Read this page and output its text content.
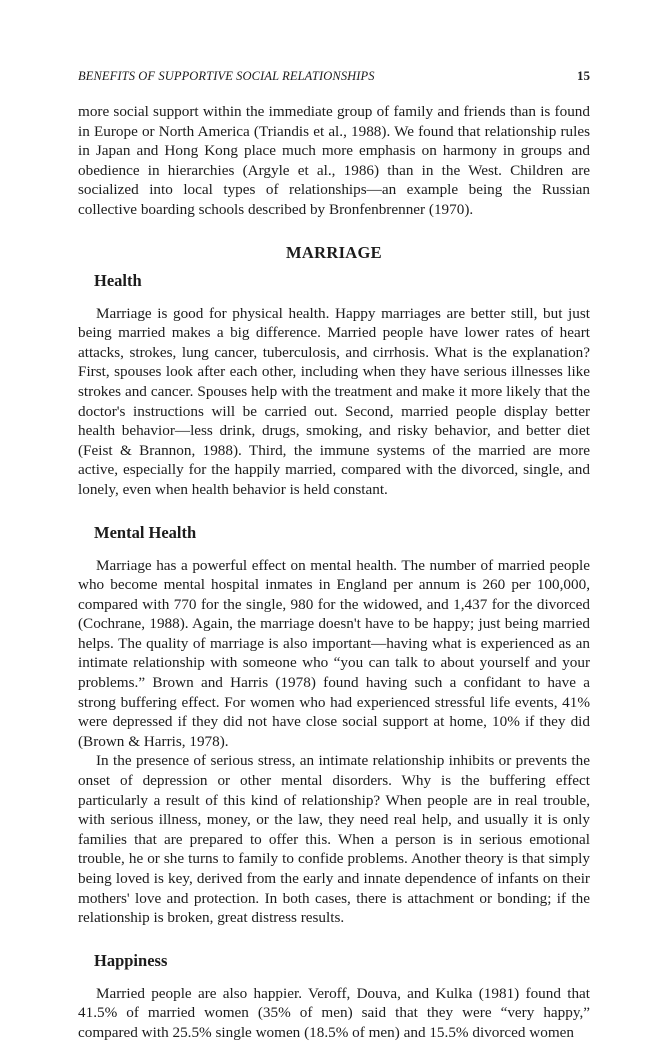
BENEFITS OF SUPPORTIVE SOCIAL RELATIONSHIPS	15

more social support within the immediate group of family and friends than is found in Europe or North America (Triandis et al., 1988). We found that relationship rules in Japan and Hong Kong place much more emphasis on harmony in groups and obedience in hierarchies (Argyle et al., 1986) than in the West. Children are socialized into local types of relationships—an example being the Russian collective boarding schools described by Bronfenbrenner (1970).

MARRIAGE
Health

Marriage is good for physical health. Happy marriages are better still, but just being married makes a big difference. Married people have lower rates of heart attacks, strokes, lung cancer, tuberculosis, and cirrhosis. What is the explanation? First, spouses look after each other, including when they have serious illnesses like strokes and cancer. Spouses help with the treatment and make it more likely that the doctor's instructions will be carried out. Second, married people display better health behavior—less drink, drugs, smoking, and risky behavior, and better diet (Feist & Brannon, 1988). Third, the immune systems of the married are more active, especially for the happily married, compared with the divorced, single, and lonely, even when health behavior is held constant.

Mental Health

Marriage has a powerful effect on mental health. The number of married people who become mental hospital inmates in England per annum is 260 per 100,000, compared with 770 for the single, 980 for the widowed, and 1,437 for the divorced (Cochrane, 1988). Again, the marriage doesn't have to be happy; just being married helps. The quality of marriage is also important—having what is experienced as an intimate relationship with someone who “you can talk to about yourself and your problems.” Brown and Harris (1978) found having such a confidant to have a strong buffering effect. For women who had experienced stressful life events, 41% were depressed if they did not have close social support at home, 10% if they did (Brown & Harris, 1978).

In the presence of serious stress, an intimate relationship inhibits or prevents the onset of depression or other mental disorders. Why is the buffering effect particularly a result of this kind of relationship? When people are in real trouble, with serious illness, money, or the law, they need real help, and usually it is only families that are prepared to offer this. When a person is in serious emotional trouble, he or she turns to family to confide problems. Another theory is that simply being loved is key, derived from the early and innate dependence of infants on their mothers' love and protection. In both cases, there is attachment or bonding; if the relationship is broken, great distress results.

Happiness

Married people are also happier. Veroff, Douva, and Kulka (1981) found that 41.5% of married women (35% of men) said that they were “very happy,” compared with 25.5% single women (18.5% of men) and 15.5% divorced women
